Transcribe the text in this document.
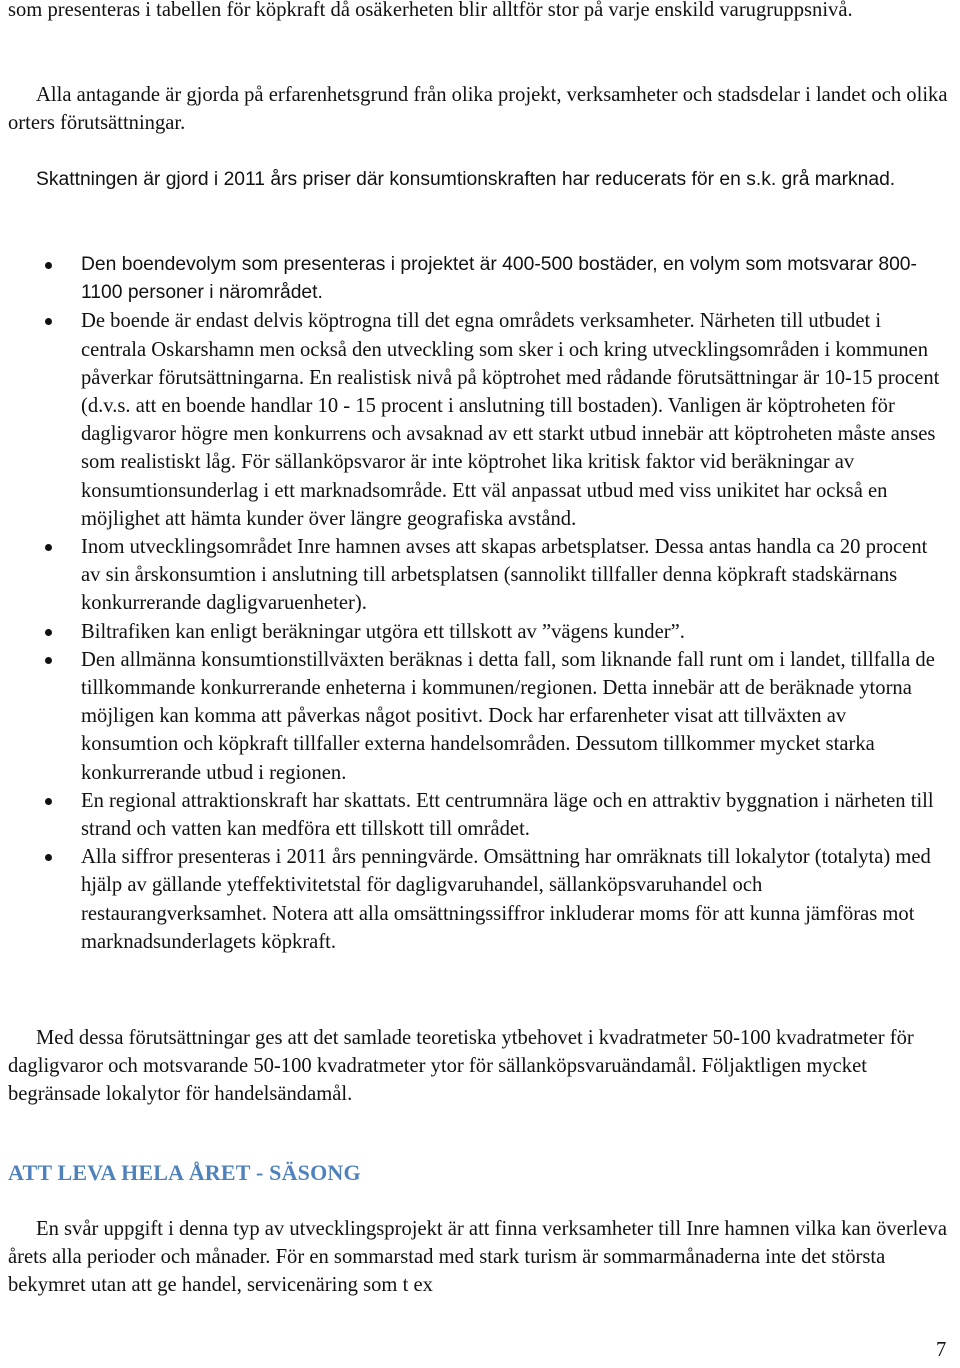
som presenteras i tabellen för köpkraft då osäkerheten blir alltför stor på varje enskild varugruppsnivå.

Alla antagande är gjorda på erfarenhetsgrund från olika projekt, verksamheter och stadsdelar i landet och olika orters förutsättningar.

Skattningen är gjord i 2011 års priser där konsumtionskraften har reducerats för en s.k. grå marknad.

Den boendevolym som presenteras i projektet är 400-500 bostäder, en volym som motsvarar 800-1100 personer i närområdet.
De boende är endast delvis köptrogna till det egna områdets verksamheter. Närheten till utbudet i centrala Oskarshamn men också den utveckling som sker i och kring utvecklingsområden i kommunen påverkar förutsättningarna. En realistisk nivå på köptrohet med rådande förutsättningar är 10-15 procent (d.v.s. att en boende handlar 10 - 15 procent i anslutning till bostaden). Vanligen är köptroheten för dagligvaror högre men konkurrens och avsaknad av ett starkt utbud innebär att köptroheten måste anses som realistiskt låg. För sällanköpsvaror är inte köptrohet lika kritisk faktor vid beräkningar av konsumtionsunderlag i ett marknadsområde. Ett väl anpassat utbud med viss unikitet har också en möjlighet att hämta kunder över längre geografiska avstånd.
Inom utvecklingsområdet Inre hamnen avses att skapas arbetsplatser. Dessa antas handla ca 20 procent av sin årskonsumtion i anslutning till arbetsplatsen (sannolikt tillfaller denna köpkraft stadskärnans konkurrerande dagligvaruenheter).
Biltrafiken kan enligt beräkningar utgöra ett tillskott av ”vägens kunder”.
Den allmänna konsumtionstillväxten beräknas i detta fall, som liknande fall runt om i landet, tillfalla de tillkommande konkurrerande enheterna i kommunen/regionen. Detta innebär att de beräknade ytorna möjligen kan komma att påverkas något positivt. Dock har erfarenheter visat att tillväxten av konsumtion och köpkraft tillfaller externa handelsområden. Dessutom tillkommer mycket starka konkurrerande utbud i regionen.
En regional attraktionskraft har skattats. Ett centrumnära läge och en attraktiv byggnation i närheten till strand och vatten kan medföra ett tillskott till området.
Alla siffror presenteras i 2011 års penningvärde. Omsättning har omräknats till lokalytor (totalyta) med hjälp av gällande yteffektivitetstal för dagligvaruhandel, sällanköpsvaruhandel och restaurangverksamhet. Notera att alla omsättningssiffror inkluderar moms för att kunna jämföras mot marknadsunderlagets köpkraft.

Med dessa förutsättningar ges att det samlade teoretiska ytbehovet i kvadratmeter 50-100 kvadratmeter för dagligvaror och motsvarande 50-100 kvadratmeter ytor för sällanköpsvaruändamål. Följaktligen mycket begränsade lokalytor för handelsändamål.

ATT LEVA HELA ÅRET - SÄSONG

En svår uppgift i denna typ av utvecklingsprojekt är att finna verksamheter till Inre hamnen vilka kan överleva årets alla perioder och månader. För en sommarstad med stark turism är sommarmånaderna inte det största bekymret utan att ge handel, servicenäring som t ex

7
